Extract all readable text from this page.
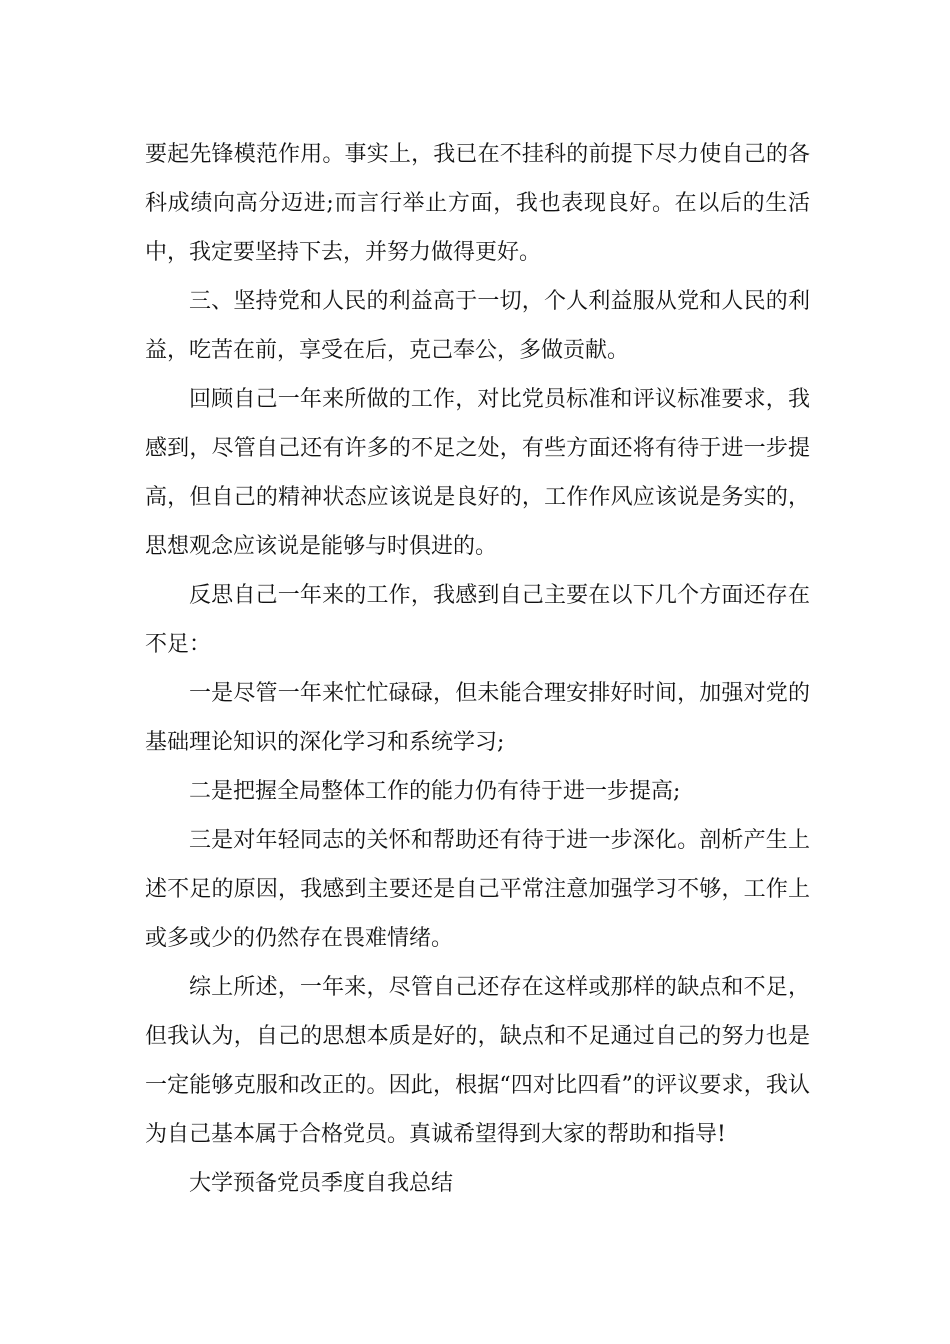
要起先锋模范作用。事实上，我已在不挂科的前提下尽力使自己的各科成绩向高分迈进;而言行举止方面，我也表现良好。在以后的生活中，我定要坚持下去，并努力做得更好。

三、坚持党和人民的利益高于一切，个人利益服从党和人民的利益，吃苦在前，享受在后，克己奉公，多做贡献。

回顾自己一年来所做的工作，对比党员标准和评议标准要求，我感到，尽管自己还有许多的不足之处，有些方面还将有待于进一步提高，但自己的精神状态应该说是良好的，工作作风应该说是务实的，思想观念应该说是能够与时俱进的。

反思自己一年来的工作，我感到自己主要在以下几个方面还存在不足：

一是尽管一年来忙忙碌碌，但未能合理安排好时间，加强对党的基础理论知识的深化学习和系统学习;

二是把握全局整体工作的能力仍有待于进一步提高;

三是对年轻同志的关怀和帮助还有待于进一步深化。剖析产生上述不足的原因，我感到主要还是自己平常注意加强学习不够，工作上或多或少的仍然存在畏难情绪。

综上所述，一年来，尽管自己还存在这样或那样的缺点和不足，但我认为，自己的思想本质是好的，缺点和不足通过自己的努力也是一定能够克服和改正的。因此，根据“四对比四看”的评议要求，我认为自己基本属于合格党员。真诚希望得到大家的帮助和指导!

大学预备党员季度自我总结
